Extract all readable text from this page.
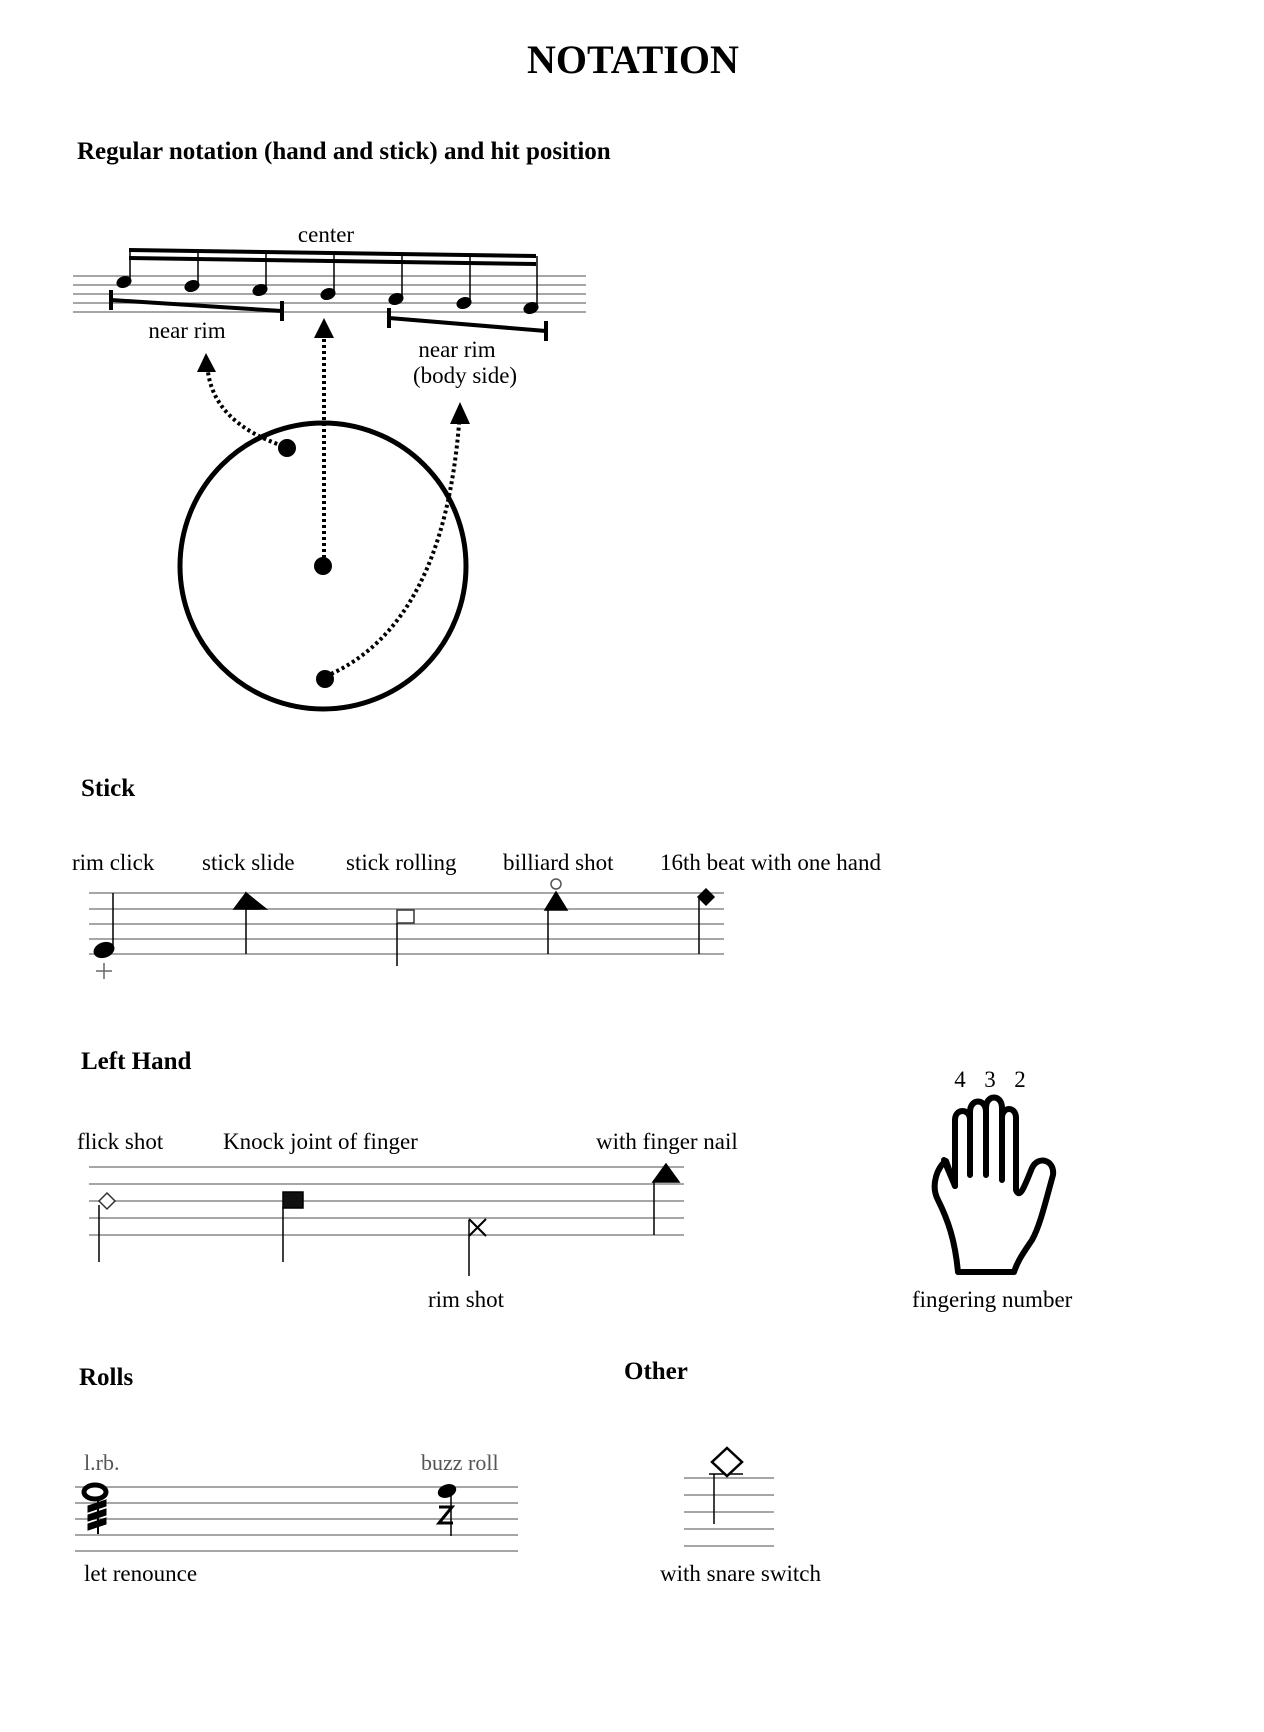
NOTATION
Regular notation (hand and stick) and hit position
center
near rim
near rim
(body side)
Stick
rim click stick slide stick rolling billiard shot 16th beat with one hand
Left Hand
flick shot	Knock joint of finger	with finger nail
rim shot
4 3 2
fingering number
Rolls
l.rb.	buzz roll
let renounce
Other
with snare switch
